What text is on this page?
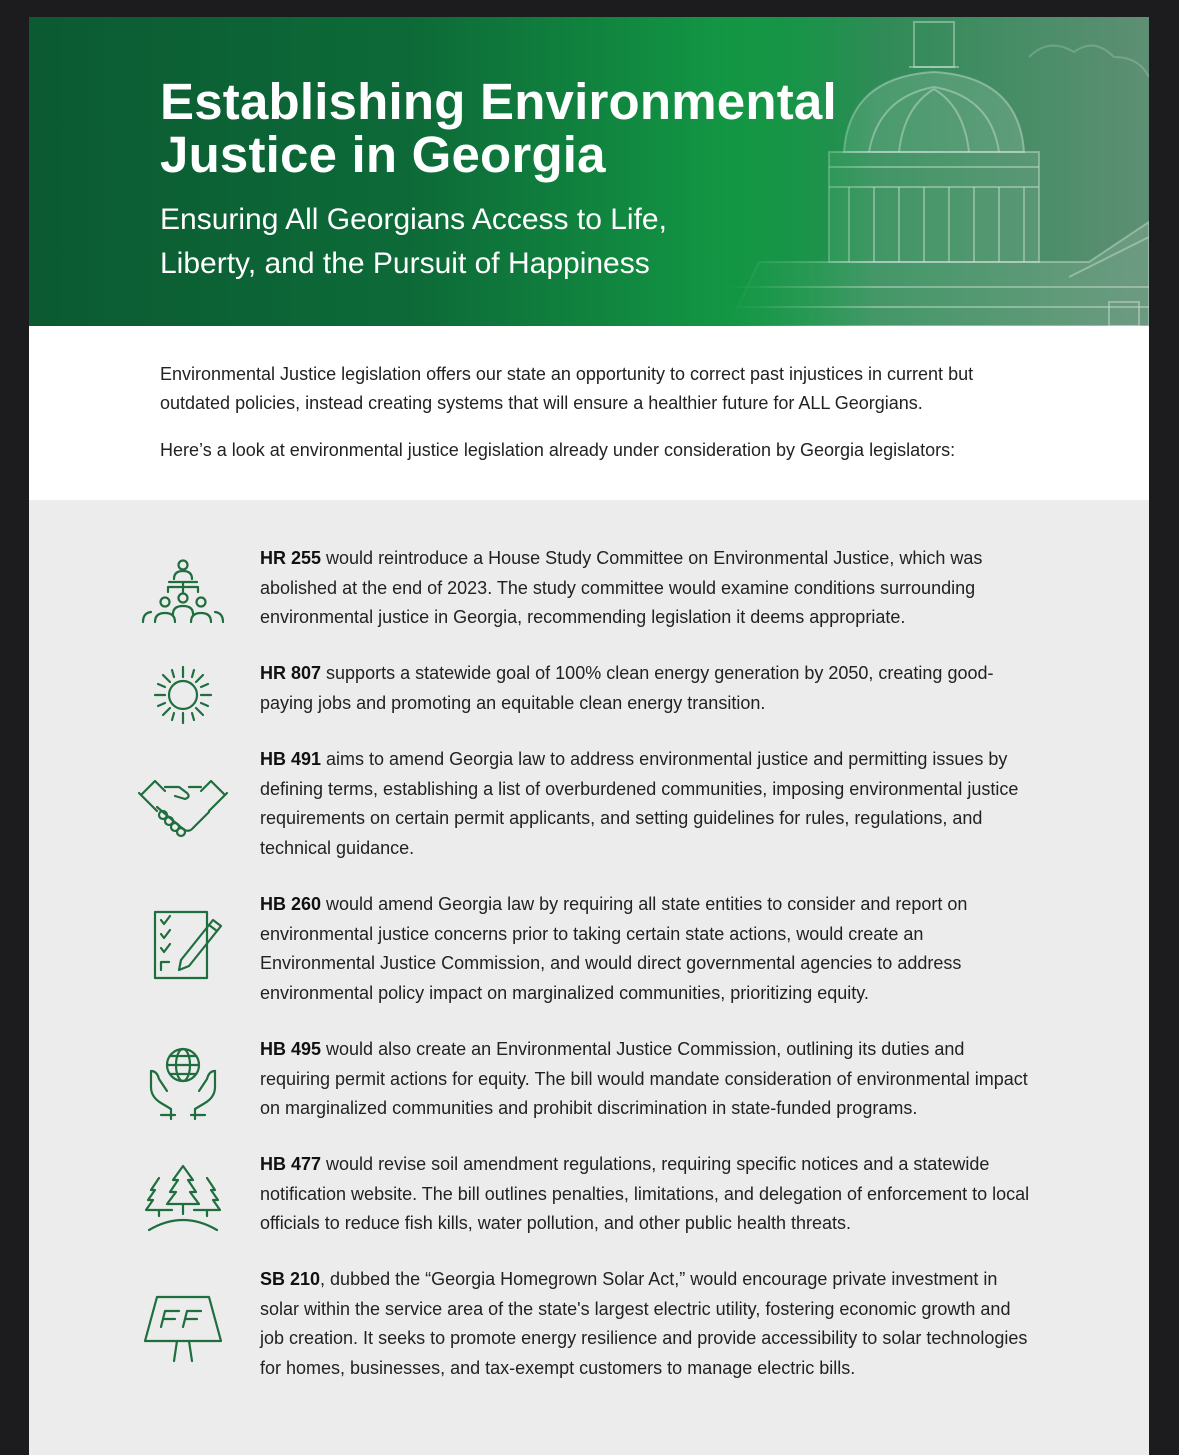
Establishing Environmental
Justice in Georgia
Ensuring All Georgians Access to Life,
Liberty, and the Pursuit of Happiness

Environmental Justice legislation offers our state an opportunity to correct past injustices in current but outdated policies, instead creating systems that will ensure a healthier future for ALL Georgians.

Here’s a look at environmental justice legislation already under consideration by Georgia legislators:

HR 255 would reintroduce a House Study Committee on Environmental Justice, which was abolished at the end of 2023. The study committee would examine conditions surrounding environmental justice in Georgia, recommending legislation it deems appropriate.

HR 807 supports a statewide goal of 100% clean energy generation by 2050, creating good-paying jobs and promoting an equitable clean energy transition.

HB 491 aims to amend Georgia law to address environmental justice and permitting issues by defining terms, establishing a list of overburdened communities, imposing environmental justice requirements on certain permit applicants, and setting guidelines for rules, regulations, and technical guidance.

HB 260 would amend Georgia law by requiring all state entities to consider and report on environmental justice concerns prior to taking certain state actions, would create an Environmental Justice Commission, and would direct governmental agencies to address environmental policy impact on marginalized communities, prioritizing equity.

HB 495 would also create an Environmental Justice Commission, outlining its duties and requiring permit actions for equity. The bill would mandate consideration of environmental impact on marginalized communities and prohibit discrimination in state-funded programs.

HB 477 would revise soil amendment regulations, requiring specific notices and a statewide notification website. The bill outlines penalties, limitations, and delegation of enforcement to local officials to reduce fish kills, water pollution, and other public health threats.

SB 210, dubbed the “Georgia Homegrown Solar Act,” would encourage private investment in solar within the service area of the state's largest electric utility, fostering economic growth and job creation. It seeks to promote energy resilience and provide accessibility to solar technologies for homes, businesses, and tax-exempt customers to manage electric bills.
